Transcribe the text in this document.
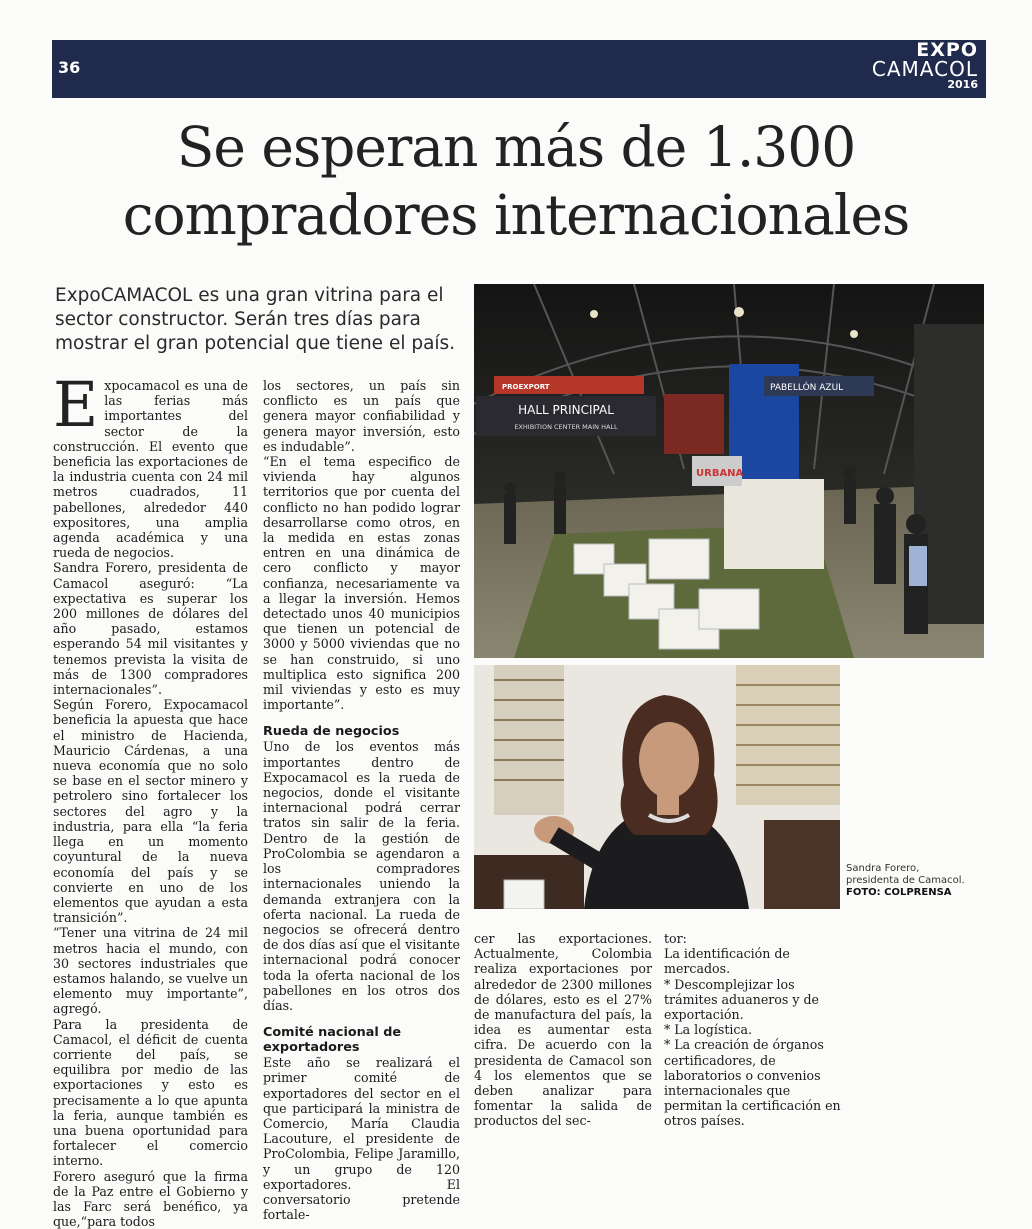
36
EXPO
CAMACOL
2016
Se esperan más de 1.300
compradores internacionales
ExpoCAMACOL es una gran vitrina para el sector constructor. Serán tres días para mostrar el gran potencial que tiene el país.

Expocamacol es una de las ferias más importantes del sector de la construcción. El evento que beneficia las exportaciones de la industria cuenta con 24 mil metros cuadrados, 11 pabellones, alrededor 440 expositores, una amplia agenda académica y una rueda de negocios.

Sandra Forero, presidenta de Camacol aseguró: “La expectativa es superar los 200 millones de dólares del año pasado, estamos esperando 54 mil visitantes y tenemos prevista la visita de más de 1300 compradores internacionales”.

Según Forero, Expocamacol beneficia la apuesta que hace el ministro de Hacienda, Mauricio Cárdenas, a una nueva economía que no solo se base en el sector minero y petrolero sino fortalecer los sectores del agro y la industria, para ella “la feria llega en un momento coyuntural de la nueva economía del país y se convierte en uno de los elementos que ayudan a esta transición”.

“Tener una vitrina de 24 mil metros hacia el mundo, con 30 sectores industriales que estamos halando, se vuelve un elemento muy importante”, agregó.

Para la presidenta de Camacol, el déficit de cuenta corriente del país, se equilibra por medio de las exportaciones y esto es precisamente a lo que apunta la feria, aunque también es una buena oportunidad para fortalecer el comercio interno.

Forero aseguró que la firma de la Paz entre el Gobierno y las Farc será benéfico, ya que,“para todos

los sectores, un país sin conflicto es un país que genera mayor confiabilidad y genera mayor inversión, esto es indudable”.

“En el tema especifico de vivienda hay algunos territorios que por cuenta del conflicto no han podido lograr desarrollarse como otros, en la medida en estas zonas entren en una dinámica de cero conflicto y mayor confianza, necesariamente va a llegar la inversión. Hemos detectado unos 40 municipios que tienen un potencial de 3000 y 5000 viviendas que no se han construido, si uno multiplica esto significa 200 mil viviendas y esto es muy importante”.

Rueda de negocios

Uno de los eventos más importantes dentro de Expocamacol es la rueda de negocios, donde el visitante internacional podrá cerrar tratos sin salir de la feria. Dentro de la gestión de ProColombia se agendaron a los compradores internacionales uniendo la demanda extranjera con la oferta nacional. La rueda de negocios se ofrecerá dentro de dos días así que el visitante internacional podrá conocer toda la oferta nacional de los pabellones en los otros dos días.

Comité nacional de exportadores

Este año se realizará el primer comité de exportadores del sector en el que participará la ministra de Comercio, María Claudia Lacouture, el presidente de ProColombia, Felipe Jaramillo, y un grupo de 120 exportadores. El conversatorio pretende fortale-

cer las exportaciones. Actualmente, Colombia realiza exportaciones por alrededor de 2300 millones de dólares, esto es el 27% de manufactura del país, la idea es aumentar esta cifra. De acuerdo con la presidenta de Camacol son 4 los elementos que se deben analizar para fomentar la salida de productos del sec-

tor:

La identificación de mercados.

* Descomplejizar los trámites aduaneros y de exportación.

* La logística.

* La creación de órganos certificadores, de laboratorios o convenios internacionales que permitan la certificación en otros países.

HALL PRINCIPAL
EXHIBITION CENTER MAIN HALL
PROEXPORT	PABELLÓN AZUL
URBANA
Sandra Forero, presidenta de Camacol. FOTO: COLPRENSA
